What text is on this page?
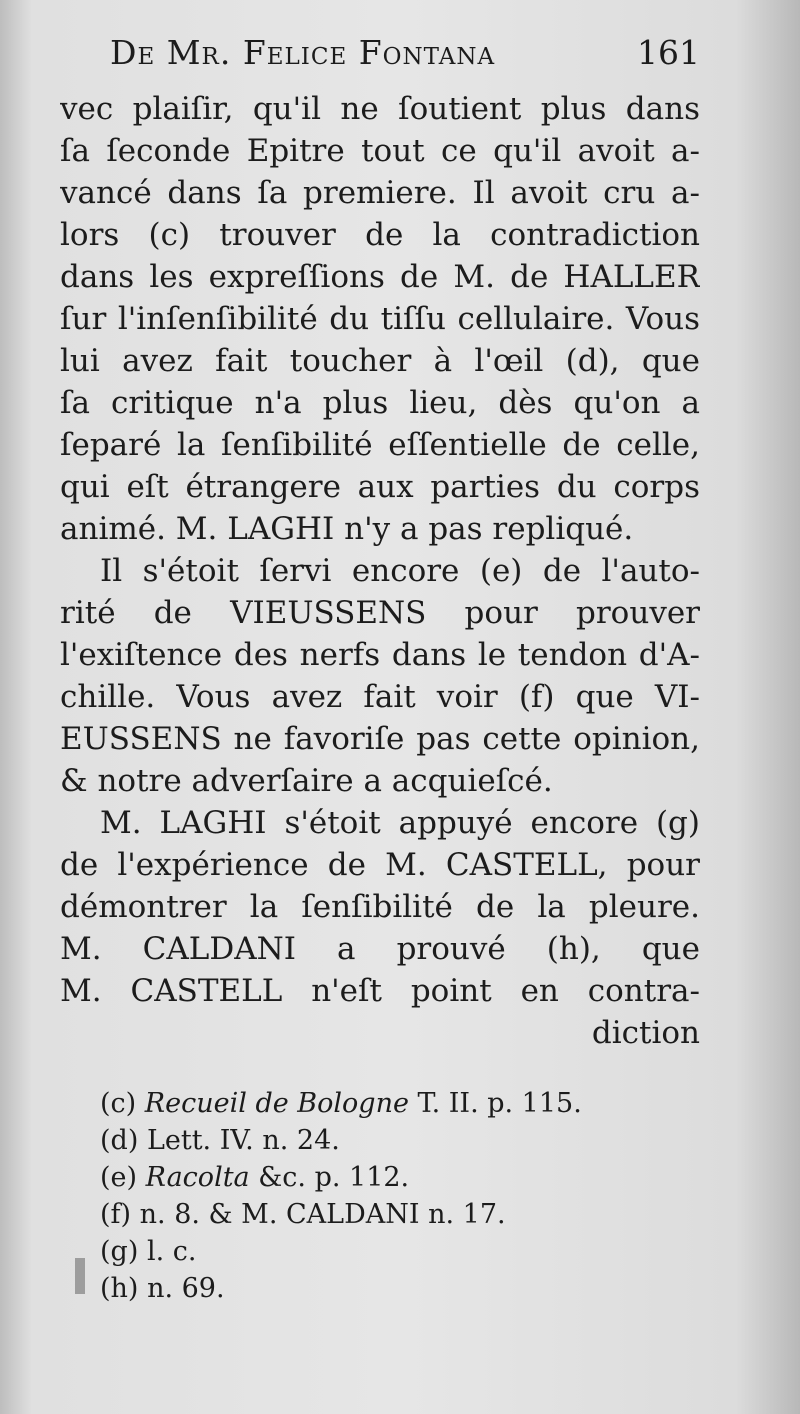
De Mr. Felice Fontana	161
vec plaiſir, qu'il ne ſoutient plus dans
ſa ſeconde Epitre tout ce qu'il avoit a-
vancé dans ſa premiere. Il avoit cru a-
lors (c) trouver de la contradiction
dans les expreſſions de M. de HALLER
ſur l'inſenſibilité du tiſſu cellulaire. Vous
lui avez fait toucher à l'œil (d), que
ſa critique n'a plus lieu, dès qu'on a
ſeparé la ſenſibilité eſſentielle de celle,
qui eſt étrangere aux parties du corps
animé. M. LAGHI n'y a pas repliqué.
Il s'étoit ſervi encore (e) de l'auto-
rité de VIEUSSENS pour prouver
l'exiſtence des nerfs dans le tendon d'A-
chille. Vous avez fait voir (f) que VI-
EUSSENS ne favoriſe pas cette opinion,
& notre adverſaire a acquieſcé.
M. LAGHI s'étoit appuyé encore (g)
de l'expérience de M. CASTELL, pour
démontrer la ſenſibilité de la pleure.
M. CALDANI a prouvé (h), que
M. CASTELL n'eſt point en contra-
diction
(c) Recueil de Bologne T. II. p. 115.
(d) Lett. IV. n. 24.
(e) Racolta &c. p. 112.
(f) n. 8. & M. CALDANI n. 17.
(g) l. c.
(h) n. 69.
